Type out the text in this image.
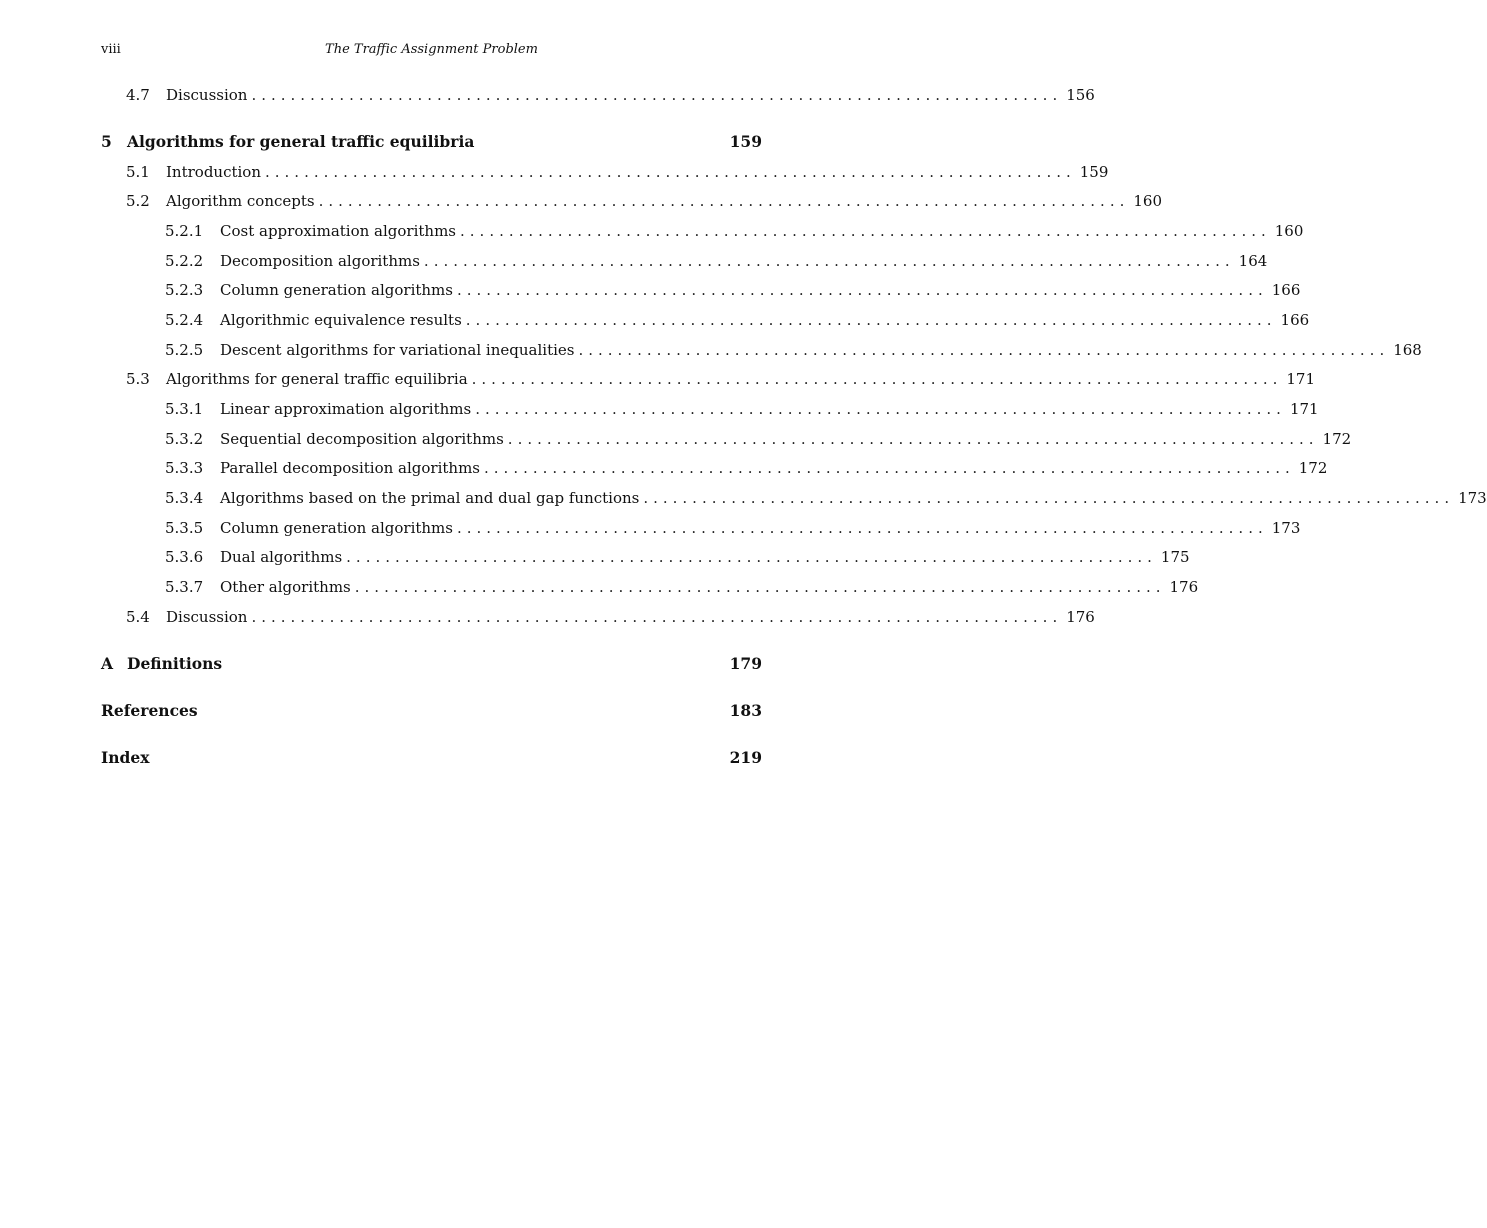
viii	The Traffic Assignment Problem
4.7	Discussion ................................................................................... 156
5 Algorithms for general traffic equilibria	159
5.1	Introduction ................................................................................... 159
5.2	Algorithm concepts ................................................................................... 160
5.2.1	Cost approximation algorithms ................................................................................... 160
5.2.2	Decomposition algorithms ................................................................................... 164
5.2.3	Column generation algorithms ................................................................................... 166
5.2.4	Algorithmic equivalence results ................................................................................... 166
5.2.5	Descent algorithms for variational inequalities ................................................................................... 168
5.3	Algorithms for general traffic equilibria ................................................................................... 171
5.3.1	Linear approximation algorithms ................................................................................... 171
5.3.2	Sequential decomposition algorithms ................................................................................... 172
5.3.3	Parallel decomposition algorithms ................................................................................... 172
5.3.4	Algorithms based on the primal and dual gap functions ................................................................................... 173
5.3.5	Column generation algorithms ................................................................................... 173
5.3.6	Dual algorithms ................................................................................... 175
5.3.7	Other algorithms ................................................................................... 176
5.4	Discussion ................................................................................... 176
A Definitions	179
References	183
Index	219
